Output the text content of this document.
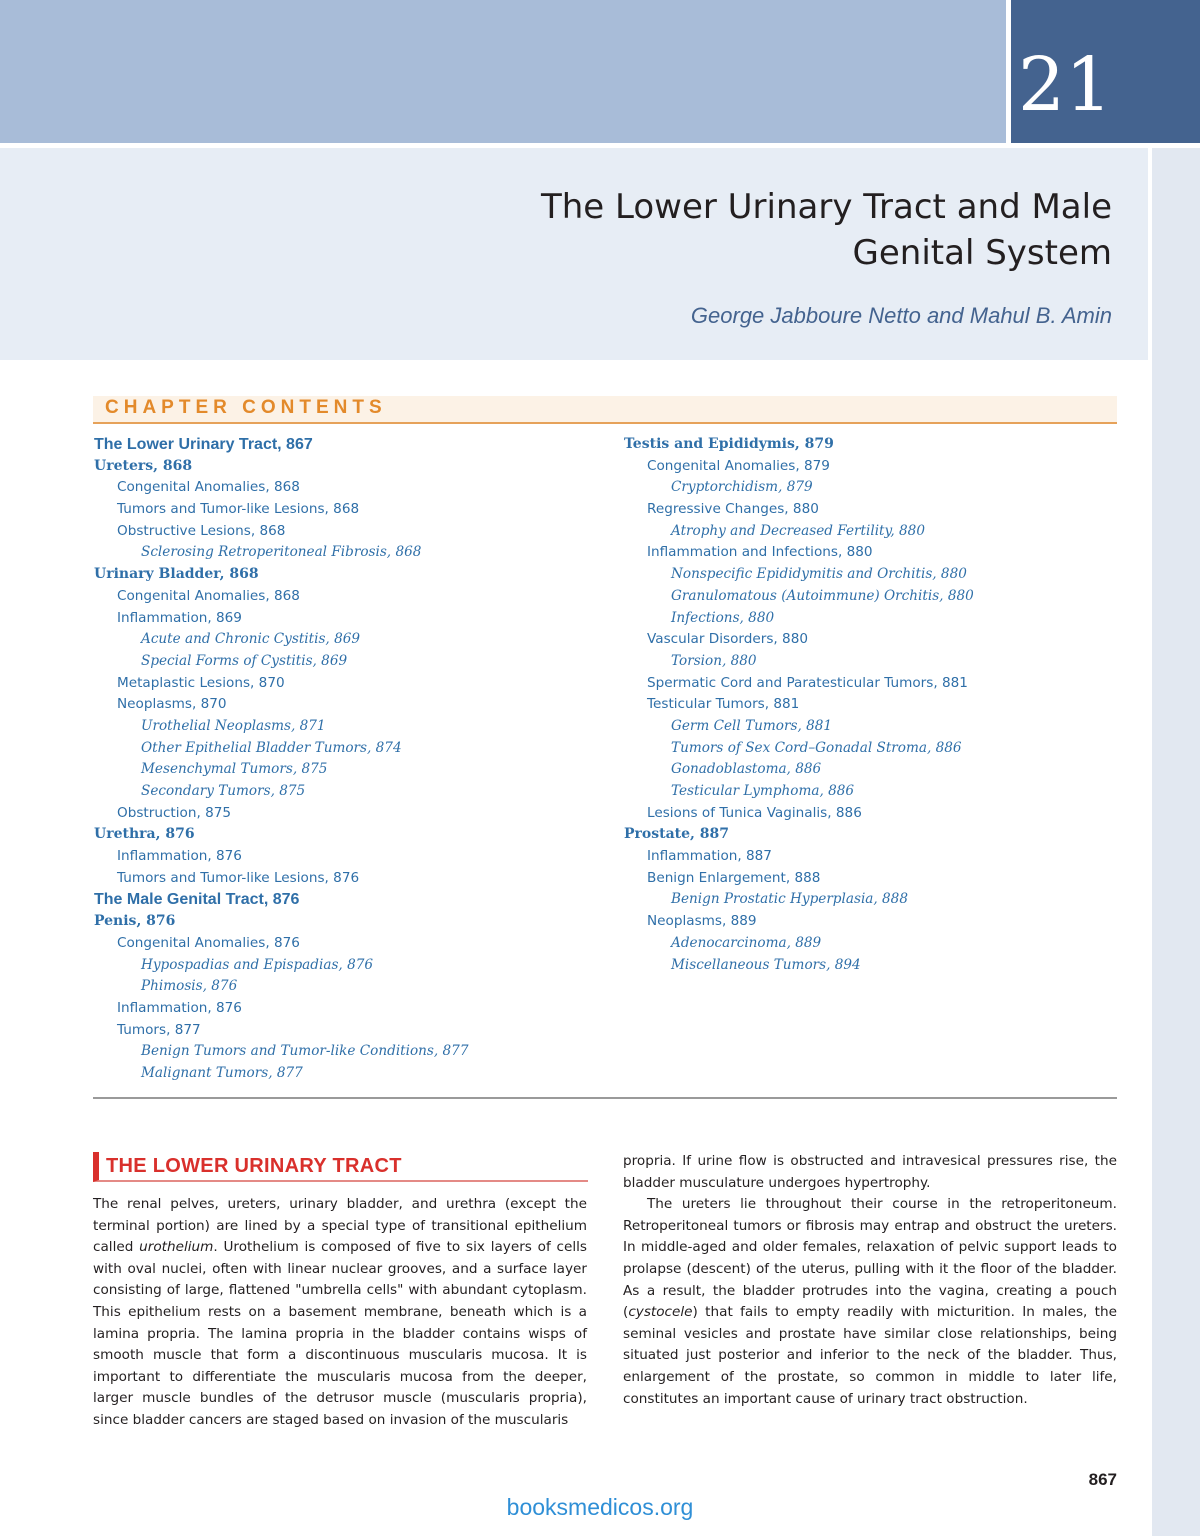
21
The Lower Urinary Tract and Male
Genital System
George Jabboure Netto and Mahul B. Amin
CHAPTER CONTENTS
The Lower Urinary Tract, 867
Ureters, 868
Congenital Anomalies, 868
Tumors and Tumor-like Lesions, 868
Obstructive Lesions, 868
Sclerosing Retroperitoneal Fibrosis, 868
Urinary Bladder, 868
Congenital Anomalies, 868
Inflammation, 869
Acute and Chronic Cystitis, 869
Special Forms of Cystitis, 869
Metaplastic Lesions, 870
Neoplasms, 870
Urothelial Neoplasms, 871
Other Epithelial Bladder Tumors, 874
Mesenchymal Tumors, 875
Secondary Tumors, 875
Obstruction, 875
Urethra, 876
Inflammation, 876
Tumors and Tumor-like Lesions, 876
The Male Genital Tract, 876
Penis, 876
Congenital Anomalies, 876
Hypospadias and Epispadias, 876
Phimosis, 876
Inflammation, 876
Tumors, 877
Benign Tumors and Tumor-like Conditions, 877
Malignant Tumors, 877
Testis and Epididymis, 879
Congenital Anomalies, 879
Cryptorchidism, 879
Regressive Changes, 880
Atrophy and Decreased Fertility, 880
Inflammation and Infections, 880
Nonspecific Epididymitis and Orchitis, 880
Granulomatous (Autoimmune) Orchitis, 880
Infections, 880
Vascular Disorders, 880
Torsion, 880
Spermatic Cord and Paratesticular Tumors, 881
Testicular Tumors, 881
Germ Cell Tumors, 881
Tumors of Sex Cord–Gonadal Stroma, 886
Gonadoblastoma, 886
Testicular Lymphoma, 886
Lesions of Tunica Vaginalis, 886
Prostate, 887
Inflammation, 887
Benign Enlargement, 888
Benign Prostatic Hyperplasia, 888
Neoplasms, 889
Adenocarcinoma, 889
Miscellaneous Tumors, 894
THE LOWER URINARY TRACT

The renal pelves, ureters, urinary bladder, and urethra (except the terminal portion) are lined by a special type of transitional epithelium called urothelium. Urothelium is composed of five to six layers of cells with oval nuclei, often with linear nuclear grooves, and a surface layer consisting of large, flattened "umbrella cells" with abundant cytoplasm. This epithelium rests on a basement membrane, beneath which is a lamina propria. The lamina propria in the bladder contains wisps of smooth muscle that form a discontinuous muscularis mucosa. It is important to differentiate the muscularis mucosa from the deeper, larger muscle bundles of the detrusor muscle (muscularis propria), since bladder cancers are staged based on invasion of the muscularis

propria. If urine flow is obstructed and intravesical pressures rise, the bladder musculature undergoes hypertrophy.

The ureters lie throughout their course in the retroperitoneum. Retroperitoneal tumors or fibrosis may entrap and obstruct the ureters. In middle-aged and older females, relaxation of pelvic support leads to prolapse (descent) of the uterus, pulling with it the floor of the bladder. As a result, the bladder protrudes into the vagina, creating a pouch (cystocele) that fails to empty readily with micturition. In males, the seminal vesicles and prostate have similar close relationships, being situated just posterior and inferior to the neck of the bladder. Thus, enlargement of the prostate, so common in middle to later life, constitutes an important cause of urinary tract obstruction.

867
booksmedicos.org
